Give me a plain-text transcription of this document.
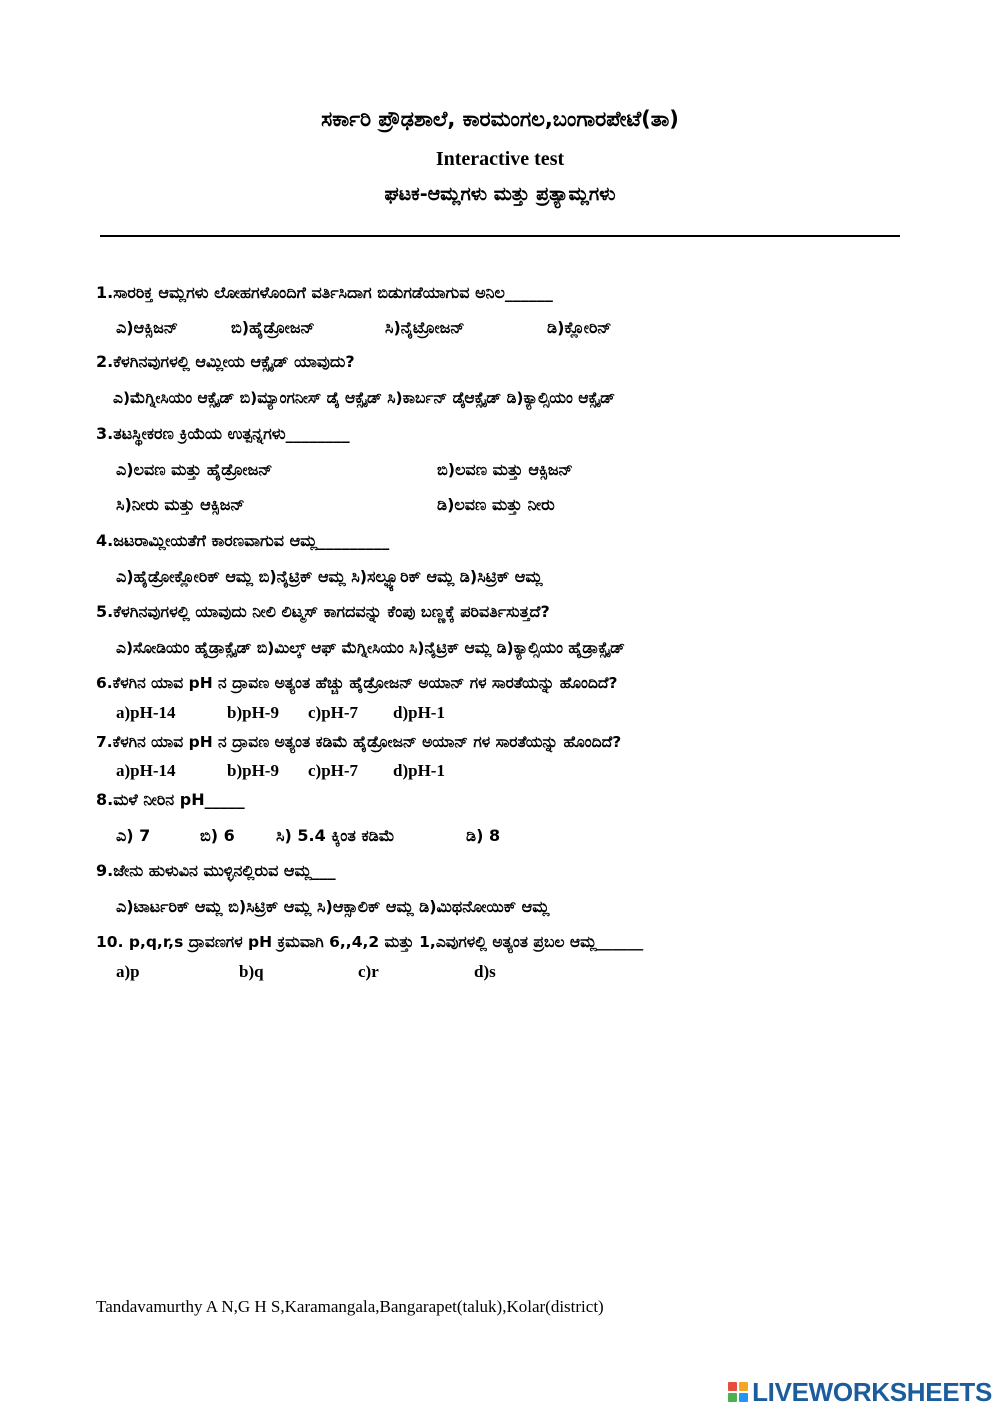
ಸರ್ಕಾರಿ ಪ್ರೌಢಶಾಲೆ, ಕಾರಮಂಗಲ,ಬಂಗಾರಪೇಟೆ(ತಾ)
Interactive test
ಘಟಕ-ಆಮ್ಲಗಳು ಮತ್ತು ಪ್ರತ್ಯಾಮ್ಲಗಳು
1.ಸಾರರಿಕ್ತ ಆಮ್ಲಗಳು ಲೋಹಗಳೊಂದಿಗೆ ವರ್ತಿಸಿದಾಗ ಬಿಡುಗಡೆಯಾಗುವ ಅನಿಲ______
ಎ)ಆಕ್ಸಿಜನ್	ಬಿ)ಹೈಡ್ರೋಜನ್	ಸಿ)ನೈಟ್ರೋಜನ್	ಡಿ)ಕ್ಲೋರಿನ್
2.ಕೆಳಗಿನವುಗಳಲ್ಲಿ ಆಮ್ಲೀಯ ಆಕ್ಸೈಡ್ ಯಾವುದು?
ಎ)ಮೆಗ್ನೀಸಿಯಂ ಆಕ್ಸೈಡ್ ಬಿ)ಮ್ಯಾಂಗನೀಸ್ ಡೈ ಆಕ್ಸೈಡ್ ಸಿ)ಕಾರ್ಬನ್ ಡೈಆಕ್ಸೈಡ್ ಡಿ)ಕ್ಯಾಲ್ಸಿಯಂ ಆಕ್ಸೈಡ್
3.ತಟಸ್ಥೀಕರಣ ಕ್ರಿಯೆಯ ಉತ್ಪನ್ನಗಳು________
ಎ)ಲವಣ ಮತ್ತು ಹೈಡ್ರೋಜನ್	ಬಿ)ಲವಣ ಮತ್ತು ಆಕ್ಸಿಜನ್
ಸಿ)ನೀರು ಮತ್ತು ಆಕ್ಸಿಜನ್	ಡಿ)ಲವಣ ಮತ್ತು ನೀರು
4.ಜಟರಾಮ್ಲೀಯತೆಗೆ ಕಾರಣವಾಗುವ ಆಮ್ಲ_________
ಎ)ಹೈಡ್ರೋಕ್ಲೋರಿಕ್ ಆಮ್ಲ ಬಿ)ನೈಟ್ರಿಕ್ ಆಮ್ಲ ಸಿ)ಸಲ್ಫ್ಯೂರಿಕ್ ಆಮ್ಲ ಡಿ)ಸಿಟ್ರಿಕ್ ಆಮ್ಲ
5.ಕೆಳಗಿನವುಗಳಲ್ಲಿ ಯಾವುದು ನೀಲಿ ಲಿಟ್ಮಸ್ ಕಾಗದವನ್ನು ಕೆಂಪು ಬಣ್ಣಕ್ಕೆ ಪರಿವರ್ತಿಸುತ್ತದೆ?
ಎ)ಸೋಡಿಯಂ ಹೈಡ್ರಾಕ್ಸೈಡ್ ಬಿ)ಮಿಲ್ಕ್ ಆಫ್ ಮೆಗ್ನೀಸಿಯಂ ಸಿ)ನೈಟ್ರಿಕ್ ಆಮ್ಲ ಡಿ)ಕ್ಯಾಲ್ಸಿಯಂ ಹೈಡ್ರಾಕ್ಸೈಡ್
6.ಕೆಳಗಿನ ಯಾವ pH ನ ದ್ರಾವಣ ಅತ್ಯಂತ ಹೆಚ್ಚು ಹೈಡ್ರೋಜನ್ ಅಯಾನ್ ಗಳ ಸಾರತೆಯನ್ನು ಹೊಂದಿದೆ?
a)pH-14	b)pH-9 c)pH-7 d)pH-1
7.ಕೆಳಗಿನ ಯಾವ pH ನ ದ್ರಾವಣ ಅತ್ಯಂತ ಕಡಿಮೆ ಹೈಡ್ರೋಜನ್ ಅಯಾನ್ ಗಳ ಸಾರತೆಯನ್ನು ಹೊಂದಿದೆ?
a)pH-14	b)pH-9 c)pH-7 d)pH-1
8.ಮಳೆ ನೀರಿನ pH_____
ಎ) 7	ಬಿ) 6	ಸಿ) 5.4 ಕ್ಕಿಂತ ಕಡಿಮೆ	ಡಿ) 8
9.ಜೇನು ಹುಳುವಿನ ಮುಳ್ಳಿನಲ್ಲಿರುವ ಆಮ್ಲ___
ಎ)ಟಾರ್ಟರಿಕ್ ಆಮ್ಲ ಬಿ)ಸಿಟ್ರಿಕ್ ಆಮ್ಲ ಸಿ)ಆಕ್ಸಾಲಿಕ್ ಆಮ್ಲ ಡಿ)ಮಿಥನೋಯಿಕ್ ಆಮ್ಲ
10. p,q,r,s ದ್ರಾವಣಗಳ pH ಕ್ರಮವಾಗಿ 6,,4,2 ಮತ್ತು 1,ಎವುಗಳಲ್ಲಿ ಅತ್ಯಂತ ಪ್ರಬಲ ಆಮ್ಲ______
a)p	b)q	c)r	d)s
Tandavamurthy A N,G H S,Karamangala,Bangarapet(taluk),Kolar(district)
LIVEWORKSHEETS
